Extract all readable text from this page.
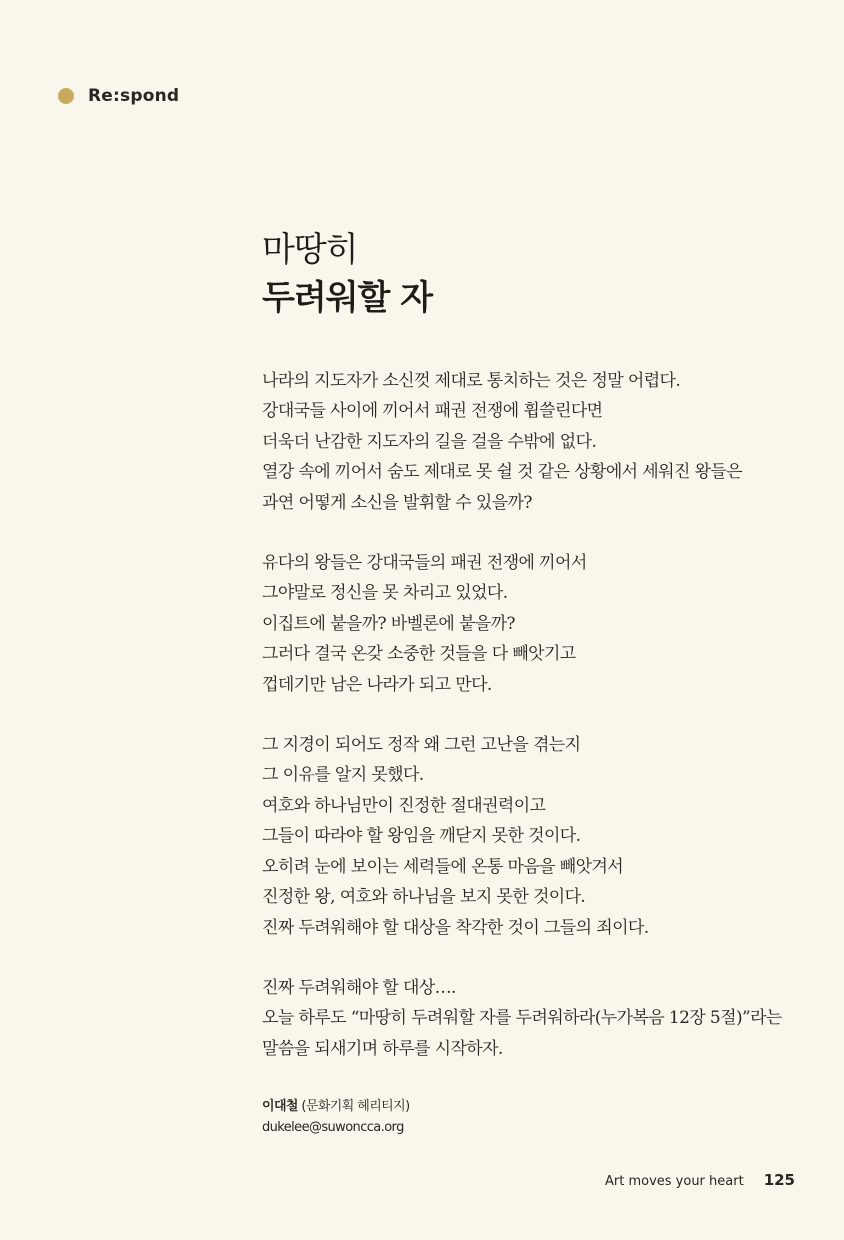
Re:spond
마땅히
두려워할 자
나라의 지도자가 소신껏 제대로 통치하는 것은 정말 어렵다.
강대국들 사이에 끼어서 패권 전쟁에 휩쓸린다면
더욱더 난감한 지도자의 길을 걸을 수밖에 없다.
열강 속에 끼어서 숨도 제대로 못 쉴 것 같은 상황에서 세워진 왕들은
과연 어떻게 소신을 발휘할 수 있을까?
유다의 왕들은 강대국들의 패권 전쟁에 끼어서
그야말로 정신을 못 차리고 있었다.
이집트에 붙을까? 바벨론에 붙을까?
그러다 결국 온갖 소중한 것들을 다 빼앗기고
껍데기만 남은 나라가 되고 만다.
그 지경이 되어도 정작 왜 그런 고난을 겪는지
그 이유를 알지 못했다.
여호와 하나님만이 진정한 절대권력이고
그들이 따라야 할 왕임을 깨닫지 못한 것이다.
오히려 눈에 보이는 세력들에 온통 마음을 빼앗겨서
진정한 왕, 여호와 하나님을 보지 못한 것이다.
진짜 두려워해야 할 대상을 착각한 것이 그들의 죄이다.
진짜 두려워해야 할 대상….
오늘 하루도 “마땅히 두려워할 자를 두려워하라(누가복음 12장 5절)”라는
말씀을 되새기며 하루를 시작하자.
이대철 (문화기획 헤리티지)
dukelee@suwoncca.org
Art moves your heart 125
